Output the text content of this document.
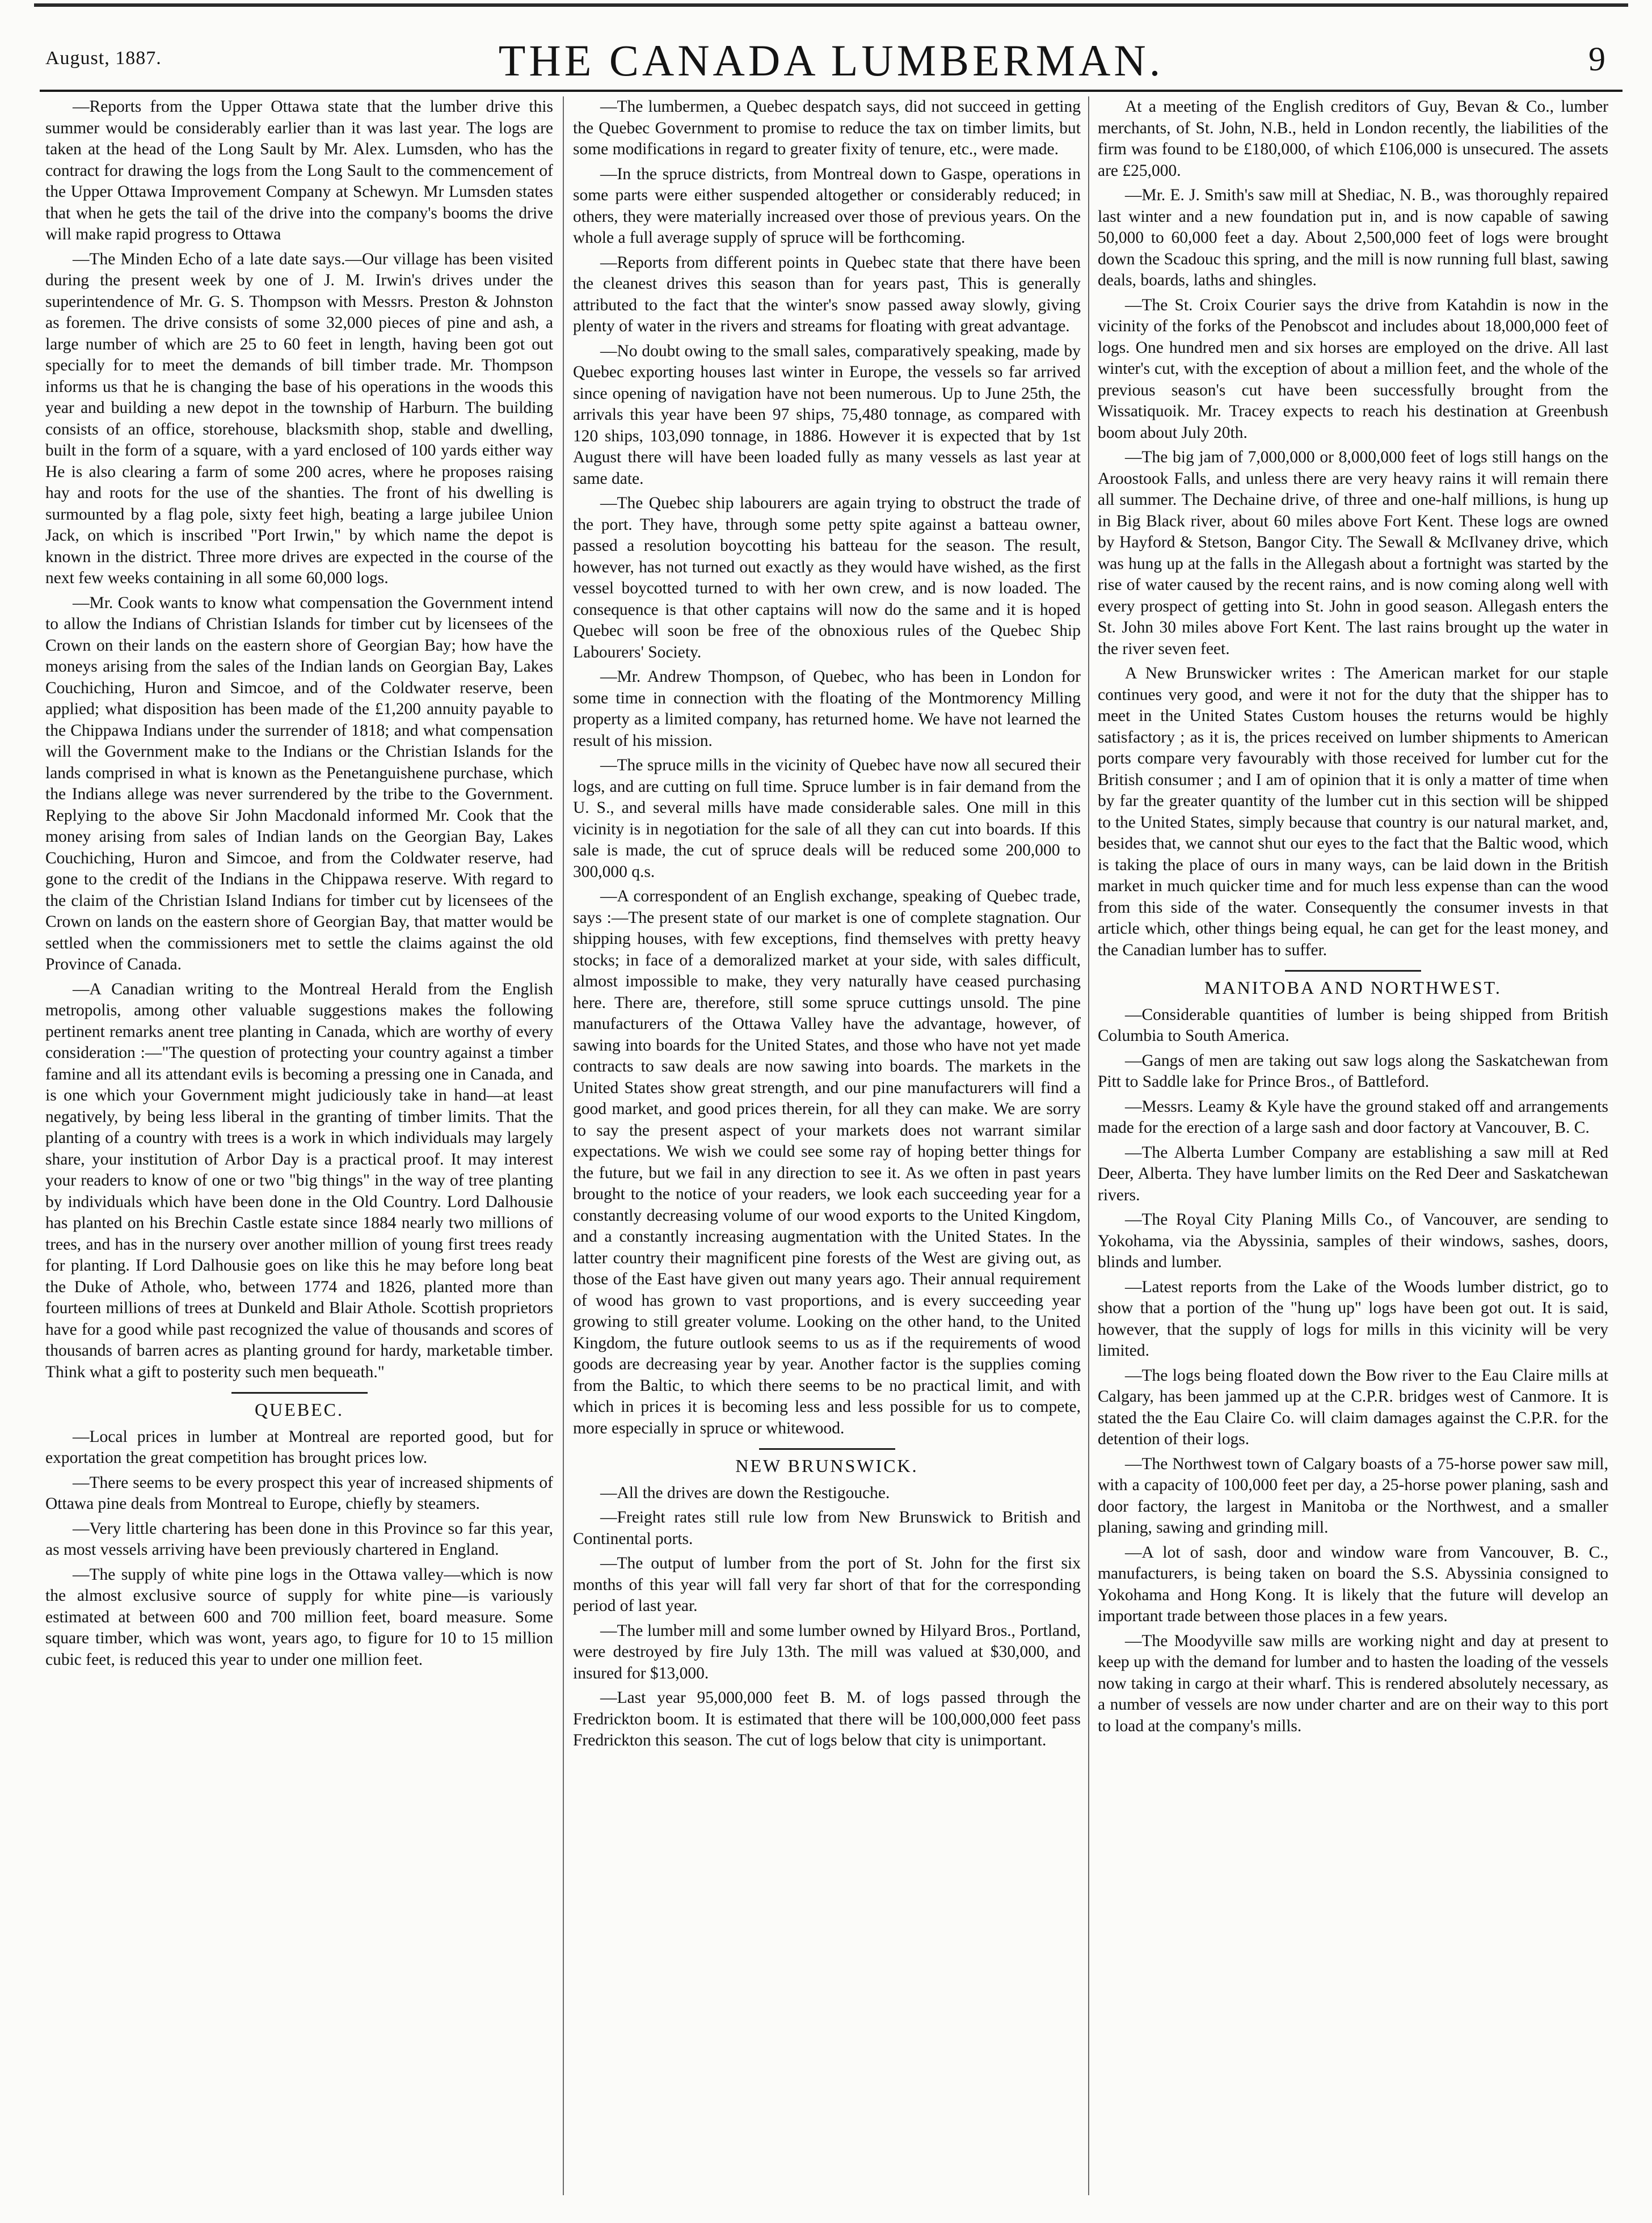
August, 1887.	THE CANADA LUMBERMAN.	9

—Reports from the Upper Ottawa state that the lumber drive this summer would be considerably earlier than it was last year. The logs are taken at the head of the Long Sault by Mr. Alex. Lumsden, who has the contract for drawing the logs from the Long Sault to the commencement of the Upper Ottawa Improvement Company at Schewyn. Mr Lumsden states that when he gets the tail of the drive into the company's booms the drive will make rapid progress to Ottawa

—The Minden Echo of a late date says.—Our village has been visited during the present week by one of J. M. Irwin's drives under the superintendence of Mr. G. S. Thompson with Messrs. Preston & Johnston as foremen. The drive consists of some 32,000 pieces of pine and ash, a large number of which are 25 to 60 feet in length, having been got out specially for to meet the demands of bill timber trade. Mr. Thompson informs us that he is changing the base of his operations in the woods this year and building a new depot in the township of Harburn. The building consists of an office, storehouse, blacksmith shop, stable and dwelling, built in the form of a square, with a yard enclosed of 100 yards either way He is also clearing a farm of some 200 acres, where he proposes raising hay and roots for the use of the shanties. The front of his dwelling is surmounted by a flag pole, sixty feet high, beating a large jubilee Union Jack, on which is inscribed "Port Irwin," by which name the depot is known in the district. Three more drives are expected in the course of the next few weeks containing in all some 60,000 logs.

—Mr. Cook wants to know what compensation the Government intend to allow the Indians of Christian Islands for timber cut by licensees of the Crown on their lands on the eastern shore of Georgian Bay; how have the moneys arising from the sales of the Indian lands on Georgian Bay, Lakes Couchiching, Huron and Simcoe, and of the Coldwater reserve, been applied; what disposition has been made of the £1,200 annuity payable to the Chippawa Indians under the surrender of 1818; and what compensation will the Government make to the Indians or the Christian Islands for the lands comprised in what is known as the Penetanguishene purchase, which the Indians allege was never surrendered by the tribe to the Government. Replying to the above Sir John Macdonald informed Mr. Cook that the money arising from sales of Indian lands on the Georgian Bay, Lakes Couchiching, Huron and Simcoe, and from the Coldwater reserve, had gone to the credit of the Indians in the Chippawa reserve. With regard to the claim of the Christian Island Indians for timber cut by licensees of the Crown on lands on the eastern shore of Georgian Bay, that matter would be settled when the commissioners met to settle the claims against the old Province of Canada.

—A Canadian writing to the Montreal Herald from the English metropolis, among other valuable suggestions makes the following pertinent remarks anent tree planting in Canada, which are worthy of every consideration :—"The question of protecting your country against a timber famine and all its attendant evils is becoming a pressing one in Canada, and is one which your Government might judiciously take in hand—at least negatively, by being less liberal in the granting of timber limits. That the planting of a country with trees is a work in which individuals may largely share, your institution of Arbor Day is a practical proof. It may interest your readers to know of one or two "big things" in the way of tree planting by individuals which have been done in the Old Country. Lord Dalhousie has planted on his Brechin Castle estate since 1884 nearly two millions of trees, and has in the nursery over another million of young first trees ready for planting. If Lord Dalhousie goes on like this he may before long beat the Duke of Athole, who, between 1774 and 1826, planted more than fourteen millions of trees at Dunkeld and Blair Athole. Scottish proprietors have for a good while past recognized the value of thousands and scores of thousands of barren acres as planting ground for hardy, marketable timber. Think what a gift to posterity such men bequeath."

QUEBEC.

—Local prices in lumber at Montreal are reported good, but for exportation the great competition has brought prices low.

—There seems to be every prospect this year of increased shipments of Ottawa pine deals from Montreal to Europe, chiefly by steamers.

—Very little chartering has been done in this Province so far this year, as most vessels arriving have been previously chartered in England.

—The supply of white pine logs in the Ottawa valley—which is now the almost exclusive source of supply for white pine—is variously estimated at between 600 and 700 million feet, board measure. Some square timber, which was wont, years ago, to figure for 10 to 15 million cubic feet, is reduced this year to under one million feet.

—The lumbermen, a Quebec despatch says, did not succeed in getting the Quebec Government to promise to reduce the tax on timber limits, but some modifications in regard to greater fixity of tenure, etc., were made.

—In the spruce districts, from Montreal down to Gaspe, operations in some parts were either suspended altogether or considerably reduced; in others, they were materially increased over those of previous years. On the whole a full average supply of spruce will be forthcoming.

—Reports from different points in Quebec state that there have been the cleanest drives this season than for years past, This is generally attributed to the fact that the winter's snow passed away slowly, giving plenty of water in the rivers and streams for floating with great advantage.

—No doubt owing to the small sales, comparatively speaking, made by Quebec exporting houses last winter in Europe, the vessels so far arrived since opening of navigation have not been numerous. Up to June 25th, the arrivals this year have been 97 ships, 75,480 tonnage, as compared with 120 ships, 103,090 tonnage, in 1886. However it is expected that by 1st August there will have been loaded fully as many vessels as last year at same date.

—The Quebec ship labourers are again trying to obstruct the trade of the port. They have, through some petty spite against a batteau owner, passed a resolution boycotting his batteau for the season. The result, however, has not turned out exactly as they would have wished, as the first vessel boycotted turned to with her own crew, and is now loaded. The consequence is that other captains will now do the same and it is hoped Quebec will soon be free of the obnoxious rules of the Quebec Ship Labourers' Society.

—Mr. Andrew Thompson, of Quebec, who has been in London for some time in connection with the floating of the Montmorency Milling property as a limited company, has returned home. We have not learned the result of his mission.

—The spruce mills in the vicinity of Quebec have now all secured their logs, and are cutting on full time. Spruce lumber is in fair demand from the U. S., and several mills have made considerable sales. One mill in this vicinity is in negotiation for the sale of all they can cut into boards. If this sale is made, the cut of spruce deals will be reduced some 200,000 to 300,000 q.s.

—A correspondent of an English exchange, speaking of Quebec trade, says :—The present state of our market is one of complete stagnation. Our shipping houses, with few exceptions, find themselves with pretty heavy stocks; in face of a demoralized market at your side, with sales difficult, almost impossible to make, they very naturally have ceased purchasing here. There are, therefore, still some spruce cuttings unsold. The pine manufacturers of the Ottawa Valley have the advantage, however, of sawing into boards for the United States, and those who have not yet made contracts to saw deals are now sawing into boards. The markets in the United States show great strength, and our pine manufacturers will find a good market, and good prices therein, for all they can make. We are sorry to say the present aspect of your markets does not warrant similar expectations. We wish we could see some ray of hoping better things for the future, but we fail in any direction to see it. As we often in past years brought to the notice of your readers, we look each succeeding year for a constantly decreasing volume of our wood exports to the United Kingdom, and a constantly increasing augmentation with the United States. In the latter country their magnificent pine forests of the West are giving out, as those of the East have given out many years ago. Their annual requirement of wood has grown to vast proportions, and is every succeeding year growing to still greater volume. Looking on the other hand, to the United Kingdom, the future outlook seems to us as if the requirements of wood goods are decreasing year by year. Another factor is the supplies coming from the Baltic, to which there seems to be no practical limit, and with which in prices it is becoming less and less possible for us to compete, more especially in spruce or whitewood.

NEW BRUNSWICK.

—All the drives are down the Restigouche.

—Freight rates still rule low from New Brunswick to British and Continental ports.

—The output of lumber from the port of St. John for the first six months of this year will fall very far short of that for the corresponding period of last year.

—The lumber mill and some lumber owned by Hilyard Bros., Portland, were destroyed by fire July 13th. The mill was valued at $30,000, and insured for $13,000.

—Last year 95,000,000 feet B. M. of logs passed through the Fredrickton boom. It is estimated that there will be 100,000,000 feet pass Fredrickton this season. The cut of logs below that city is unimportant.

At a meeting of the English creditors of Guy, Bevan & Co., lumber merchants, of St. John, N.B., held in London recently, the liabilities of the firm was found to be £180,000, of which £106,000 is unsecured. The assets are £25,000.

—Mr. E. J. Smith's saw mill at Shediac, N. B., was thoroughly repaired last winter and a new foundation put in, and is now capable of sawing 50,000 to 60,000 feet a day. About 2,500,000 feet of logs were brought down the Scadouc this spring, and the mill is now running full blast, sawing deals, boards, laths and shingles.

—The St. Croix Courier says the drive from Katahdin is now in the vicinity of the forks of the Penobscot and includes about 18,000,000 feet of logs. One hundred men and six horses are employed on the drive. All last winter's cut, with the exception of about a million feet, and the whole of the previous season's cut have been successfully brought from the Wissatiquoik. Mr. Tracey expects to reach his destination at Greenbush boom about July 20th.

—The big jam of 7,000,000 or 8,000,000 feet of logs still hangs on the Aroostook Falls, and unless there are very heavy rains it will remain there all summer. The Dechaine drive, of three and one-half millions, is hung up in Big Black river, about 60 miles above Fort Kent. These logs are owned by Hayford & Stetson, Bangor City. The Sewall & McIlvaney drive, which was hung up at the falls in the Allegash about a fortnight was started by the rise of water caused by the recent rains, and is now coming along well with every prospect of getting into St. John in good season. Allegash enters the St. John 30 miles above Fort Kent. The last rains brought up the water in the river seven feet.

A New Brunswicker writes : The American market for our staple continues very good, and were it not for the duty that the shipper has to meet in the United States Custom houses the returns would be highly satisfactory ; as it is, the prices received on lumber shipments to American ports compare very favourably with those received for lumber cut for the British consumer ; and I am of opinion that it is only a matter of time when by far the greater quantity of the lumber cut in this section will be shipped to the United States, simply because that country is our natural market, and, besides that, we cannot shut our eyes to the fact that the Baltic wood, which is taking the place of ours in many ways, can be laid down in the British market in much quicker time and for much less expense than can the wood from this side of the water. Consequently the consumer invests in that article which, other things being equal, he can get for the least money, and the Canadian lumber has to suffer.

MANITOBA AND NORTHWEST.

—Considerable quantities of lumber is being shipped from British Columbia to South America.

—Gangs of men are taking out saw logs along the Saskatchewan from Pitt to Saddle lake for Prince Bros., of Battleford.

—Messrs. Leamy & Kyle have the ground staked off and arrangements made for the erection of a large sash and door factory at Vancouver, B. C.

—The Alberta Lumber Company are establishing a saw mill at Red Deer, Alberta. They have lumber limits on the Red Deer and Saskatchewan rivers.

—The Royal City Planing Mills Co., of Vancouver, are sending to Yokohama, via the Abyssinia, samples of their windows, sashes, doors, blinds and lumber.

—Latest reports from the Lake of the Woods lumber district, go to show that a portion of the "hung up" logs have been got out. It is said, however, that the supply of logs for mills in this vicinity will be very limited.

—The logs being floated down the Bow river to the Eau Claire mills at Calgary, has been jammed up at the C.P.R. bridges west of Canmore. It is stated the the Eau Claire Co. will claim damages against the C.P.R. for the detention of their logs.

—The Northwest town of Calgary boasts of a 75-horse power saw mill, with a capacity of 100,000 feet per day, a 25-horse power planing, sash and door factory, the largest in Manitoba or the Northwest, and a smaller planing, sawing and grinding mill.

—A lot of sash, door and window ware from Vancouver, B. C., manufacturers, is being taken on board the S.S. Abyssinia consigned to Yokohama and Hong Kong. It is likely that the future will develop an important trade between those places in a few years.

—The Moodyville saw mills are working night and day at present to keep up with the demand for lumber and to hasten the loading of the vessels now taking in cargo at their wharf. This is rendered absolutely necessary, as a number of vessels are now under charter and are on their way to this port to load at the company's mills.
